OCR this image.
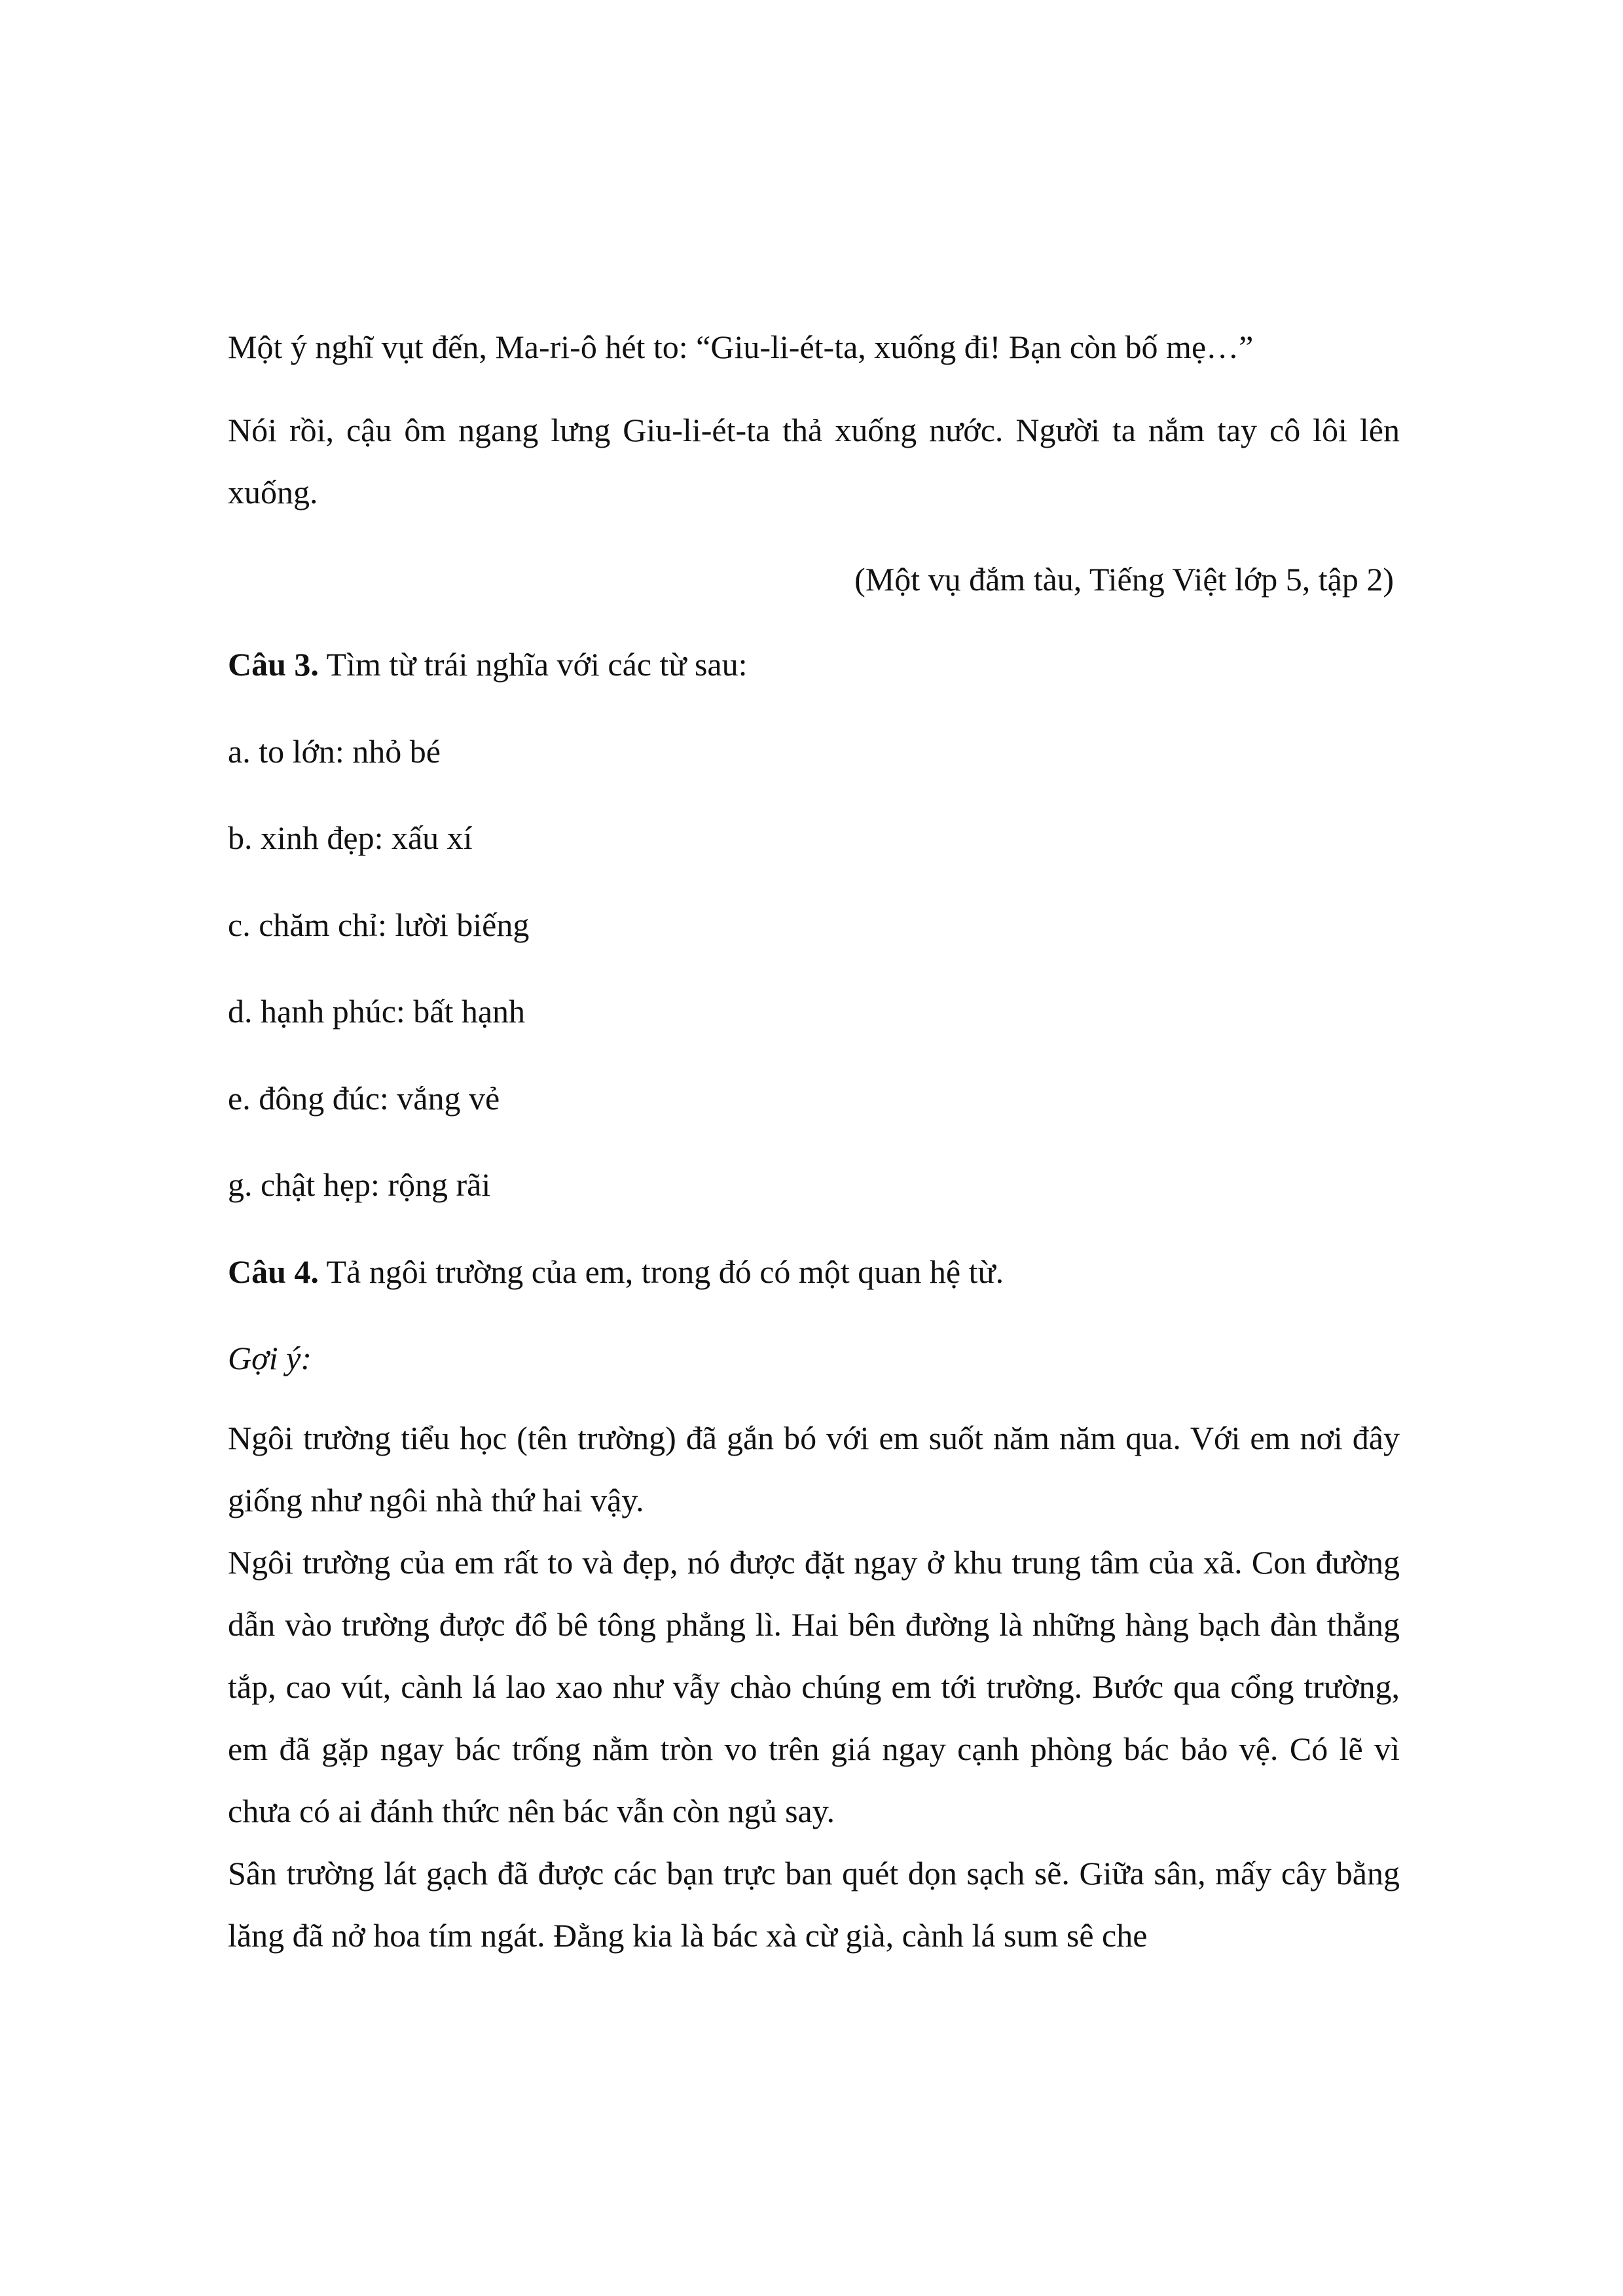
Một ý nghĩ vụt đến, Ma-ri-ô hét to: “Giu-li-ét-ta, xuống đi! Bạn còn bố mẹ…”
Nói rồi, cậu ôm ngang lưng Giu-li-ét-ta thả xuống nước. Người ta nắm tay cô lôi lên xuống.
(Một vụ đắm tàu, Tiếng Việt lớp 5, tập 2)
Câu 3. Tìm từ trái nghĩa với các từ sau:
a. to lớn: nhỏ bé
b. xinh đẹp: xấu xí
c. chăm chỉ: lười biếng
d. hạnh phúc: bất hạnh
e. đông đúc: vắng vẻ
g. chật hẹp: rộng rãi
Câu 4. Tả ngôi trường của em, trong đó có một quan hệ từ.
Gợi ý:

Ngôi trường tiểu học (tên trường) đã gắn bó với em suốt năm năm qua. Với em nơi đây giống như ngôi nhà thứ hai vậy.

Ngôi trường của em rất to và đẹp, nó được đặt ngay ở khu trung tâm của xã. Con đường dẫn vào trường được đổ bê tông phẳng lì. Hai bên đường là những hàng bạch đàn thẳng tắp, cao vút, cành lá lao xao như vẫy chào chúng em tới trường. Bước qua cổng trường, em đã gặp ngay bác trống nằm tròn vo trên giá ngay cạnh phòng bác bảo vệ. Có lẽ vì chưa có ai đánh thức nên bác vẫn còn ngủ say.

Sân trường lát gạch đã được các bạn trực ban quét dọn sạch sẽ. Giữa sân, mấy cây bằng lăng đã nở hoa tím ngát. Đằng kia là bác xà cừ già, cành lá sum sê che
